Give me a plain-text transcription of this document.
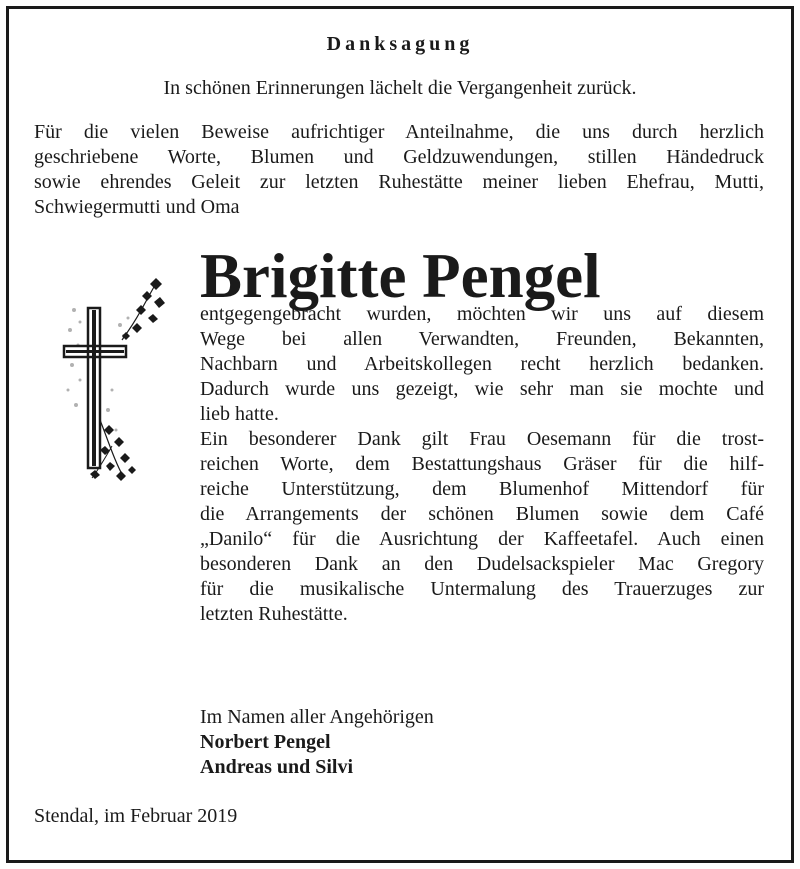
Danksagung

In schönen Erinnerungen lächelt die Vergangenheit zurück.

Für die vielen Beweise aufrichtiger Anteilnahme, die uns durch herzlich
geschriebene Worte, Blumen und Geldzuwendungen, stillen Händedruck
sowie ehrendes Geleit zur letzten Ruhestätte meiner lieben Ehefrau, Mutti,
Schwiegermutti und Oma

Brigitte Pengel

entgegengebracht wurden, möchten wir uns auf diesem
Wege bei allen Verwandten, Freunden, Bekannten,
Nachbarn und Arbeitskollegen recht herzlich bedanken.
Dadurch wurde uns gezeigt, wie sehr man sie mochte und
lieb hatte.
Ein besonderer Dank gilt Frau Oesemann für die trost-
reichen Worte, dem Bestattungshaus Gräser für die hilf-
reiche Unterstützung, dem Blumenhof Mittendorf für
die Arrangements der schönen Blumen sowie dem Café
„Danilo“ für die Ausrichtung der Kaffeetafel. Auch einen
besonderen Dank an den Dudelsackspieler Mac Gregory
für die musikalische Untermalung des Trauerzuges zur
letzten Ruhestätte.
Im Namen aller Angehörigen
Norbert Pengel
Andreas und Silvi

Stendal, im Februar 2019
